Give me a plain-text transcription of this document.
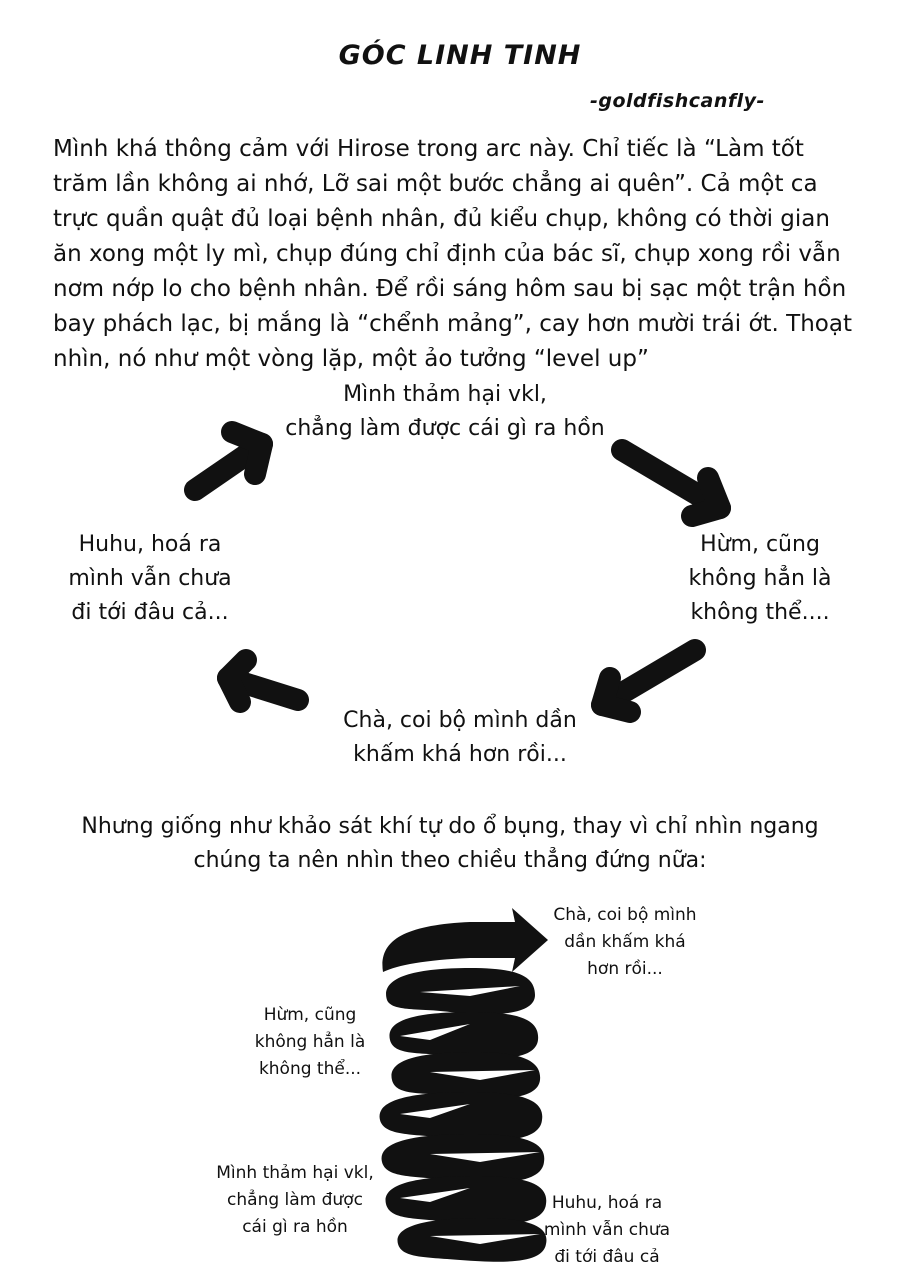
GÓC LINH TINH
-goldfishcanfly-

Mình khá thông cảm với Hirose trong arc này. Chỉ tiếc là “Làm tốt trăm lần không ai nhớ, Lỡ sai một bước chẳng ai quên”. Cả một ca trực quần quật đủ loại bệnh nhân, đủ kiểu chụp, không có thời gian ăn xong một ly mì, chụp đúng chỉ định của bác sĩ, chụp xong rồi vẫn nơm nớp lo cho bệnh nhân. Để rồi sáng hôm sau bị sạc một trận hồn bay phách lạc, bị mắng là “chểnh mảng”, cay hơn mười trái ớt. Thoạt nhìn, nó như một vòng lặp, một ảo tưởng “level up”

Mình thảm hại vkl,
chẳng làm được cái gì ra hồn
Hừm, cũng
không hẳn là
không thể....
Chà, coi bộ mình dần
khấm khá hơn rồi...
Huhu, hoá ra
mình vẫn chưa
đi tới đâu cả...
Nhưng giống như khảo sát khí tự do ổ bụng, thay vì chỉ nhìn ngang
chúng ta nên nhìn theo chiều thẳng đứng nữa:
Chà, coi bộ mình
dần khấm khá
hơn rồi...
Hừm, cũng
không hẳn là
không thể...
Mình thảm hại vkl,
chẳng làm được
cái gì ra hồn
Huhu, hoá ra
mình vẫn chưa
đi tới đâu cả
